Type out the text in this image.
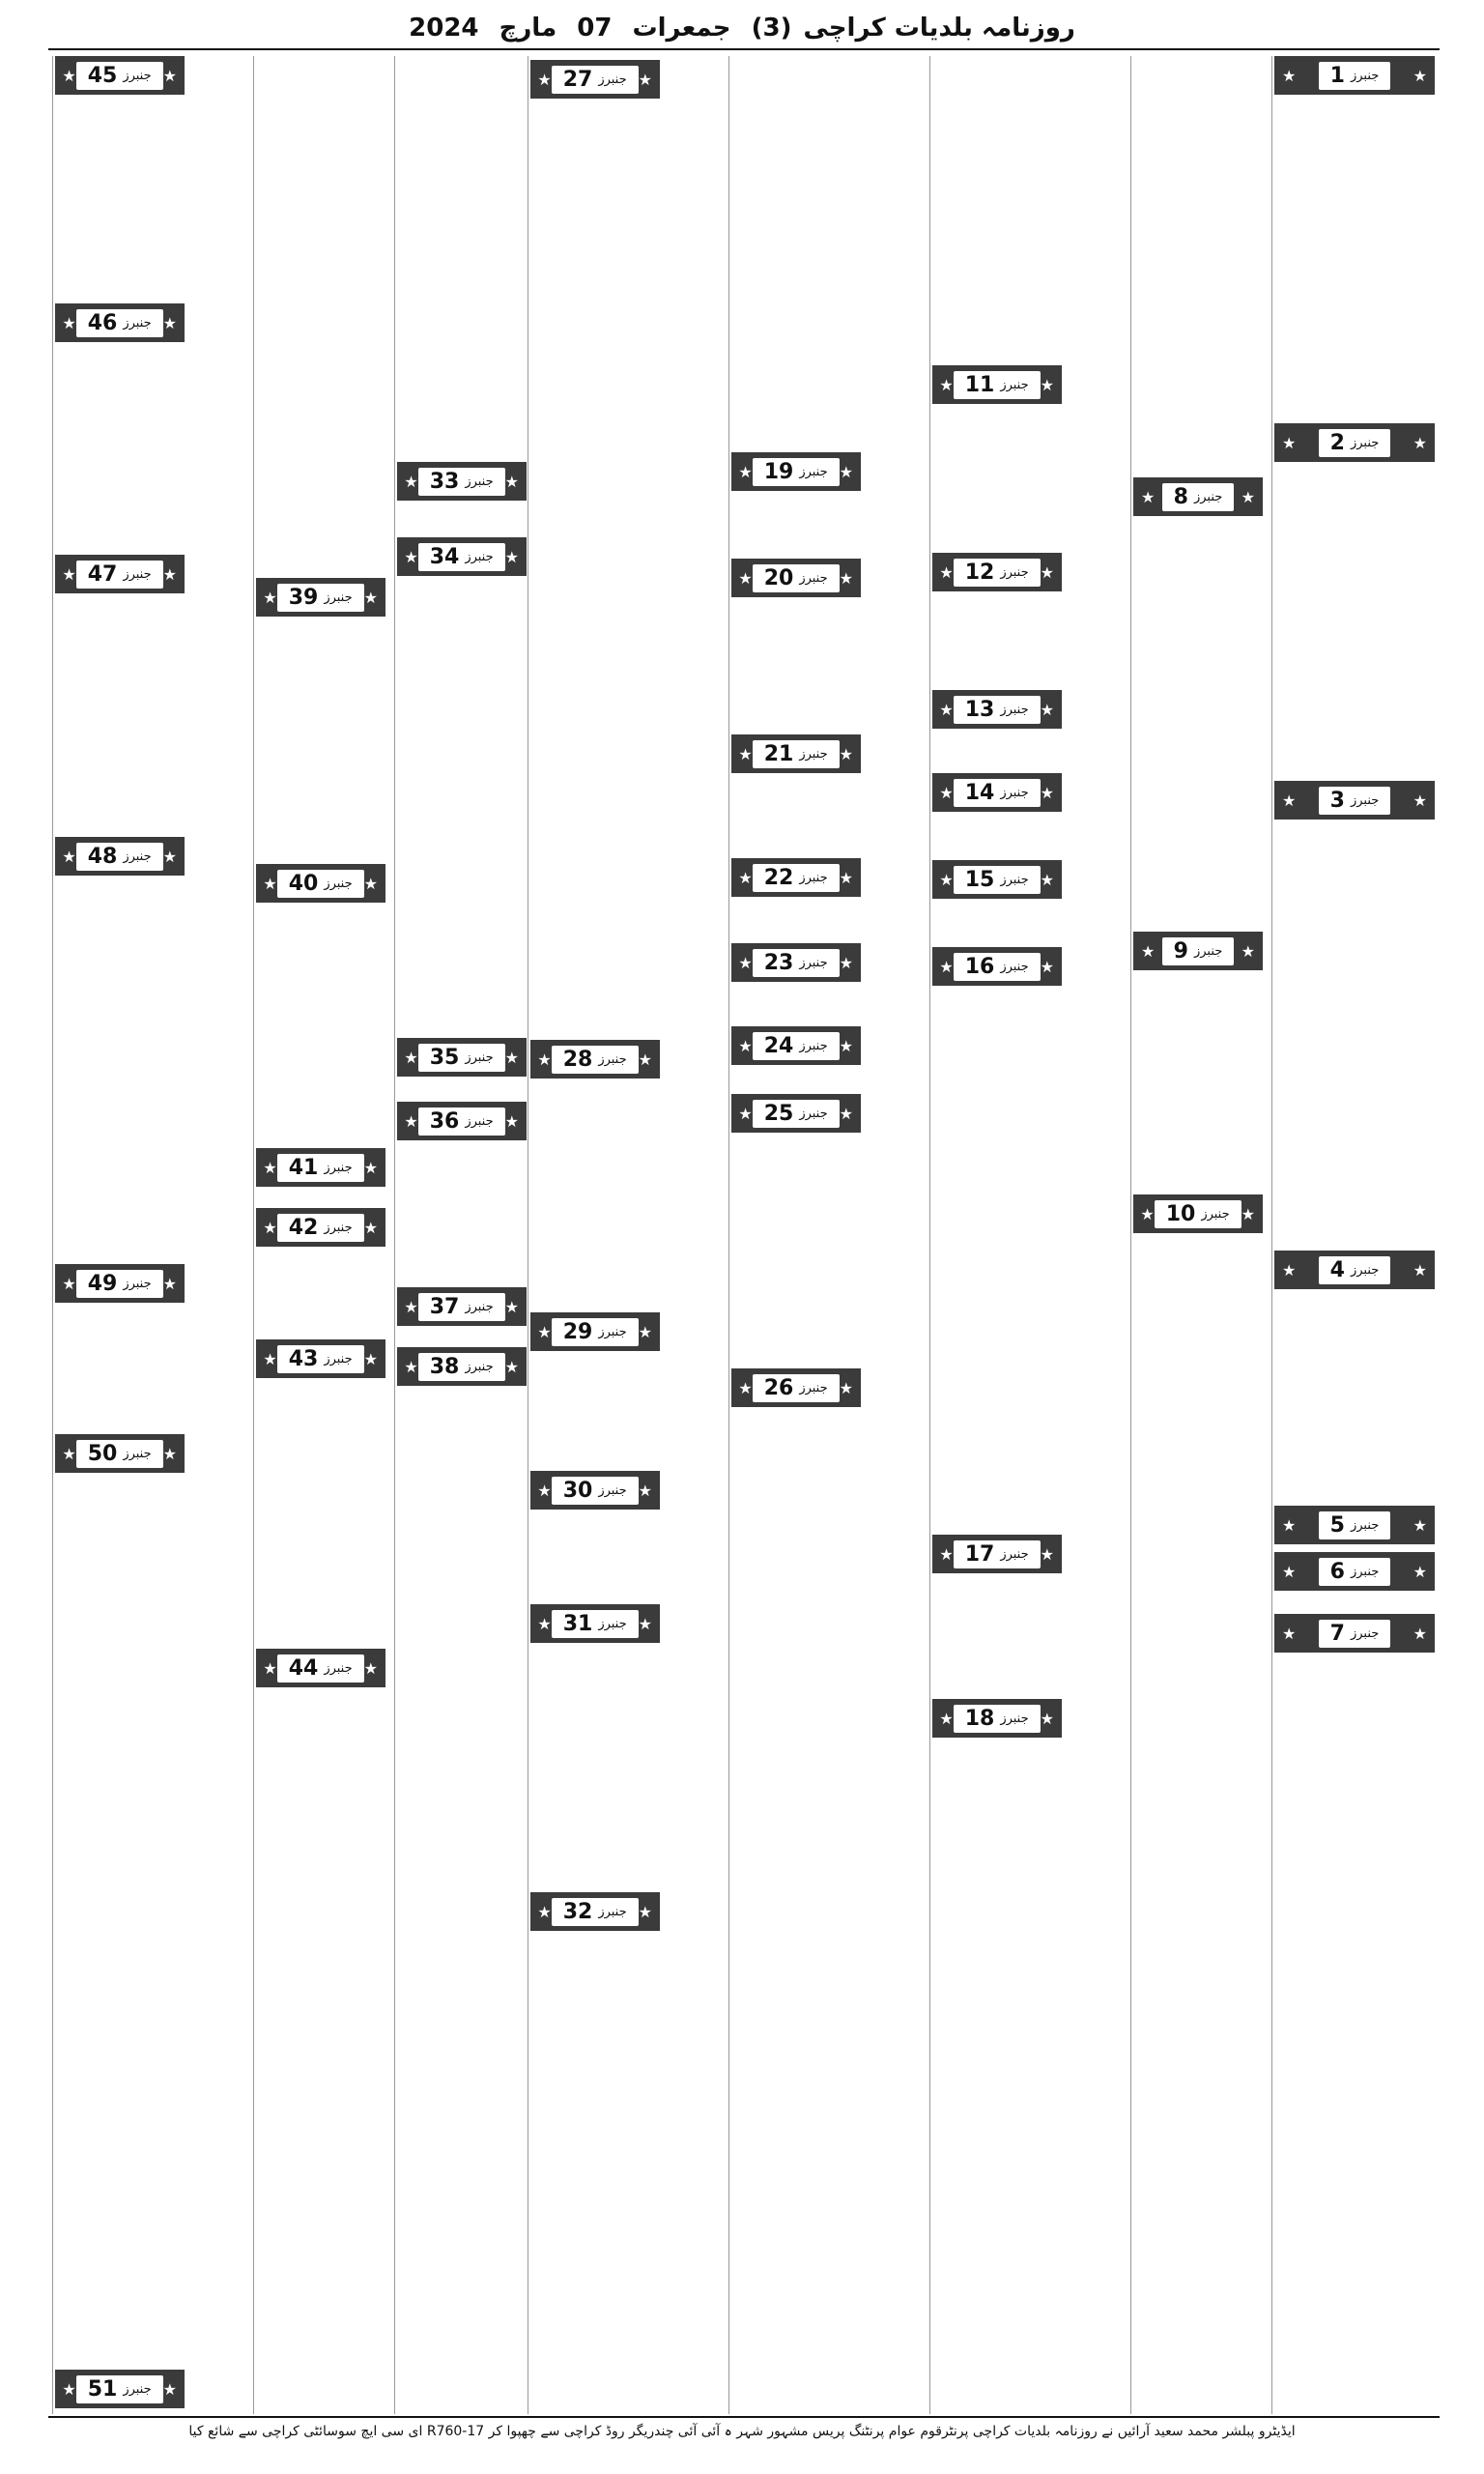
روزنامہ بلدیات کراچی(3) جمعرات 07 مارچ 2024
★
جنبرز
1
★
★
جنبرز
2
★
★
جنبرز
3
★
★
جنبرز
4
★
★
جنبرز
5
★
★
جنبرز
6
★
★
جنبرز
7
★
★
جنبرز
8
★
★
جنبرز
9
★
★
جنبرز
10
★
★
جنبرز
11
★
★
جنبرز
12
★
★
جنبرز
13
★
★
جنبرز
14
★
★
جنبرز
15
★
★
جنبرز
16
★
★
جنبرز
17
★
★
جنبرز
18
★
★
جنبرز
19
★
★
جنبرز
20
★
★
جنبرز
21
★
★
جنبرز
22
★
★
جنبرز
23
★
★
جنبرز
24
★
★
جنبرز
25
★
★
جنبرز
26
★
★
جنبرز
27
★
★
جنبرز
28
★
★
جنبرز
29
★
★
جنبرز
30
★
★
جنبرز
31
★
★
جنبرز
32
★
★
جنبرز
33
★
★
جنبرز
34
★
★
جنبرز
35
★
★
جنبرز
36
★
★
جنبرز
37
★
★
جنبرز
38
★
★
جنبرز
39
★
★
جنبرز
40
★
★
جنبرز
41
★
★
جنبرز
42
★
★
جنبرز
43
★
★
جنبرز
44
★
★
جنبرز
45
★
★
جنبرز
46
★
★
جنبرز
47
★
★
جنبرز
48
★
★
جنبرز
49
★
★
جنبرز
50
★
★
جنبرز
51
★
ایڈیٹرو پبلشر محمد سعید آرائیں نے روزنامہ بلدیات کراچی پرنٹرقوم عوام پرنٹنگ پریس مشہور شہر ہ آئی آئی چندریگر روڈ کراچی سے چھپوا کر R760-17 ای سی ایچ سوسائٹی کراچی سے شائع کیا
